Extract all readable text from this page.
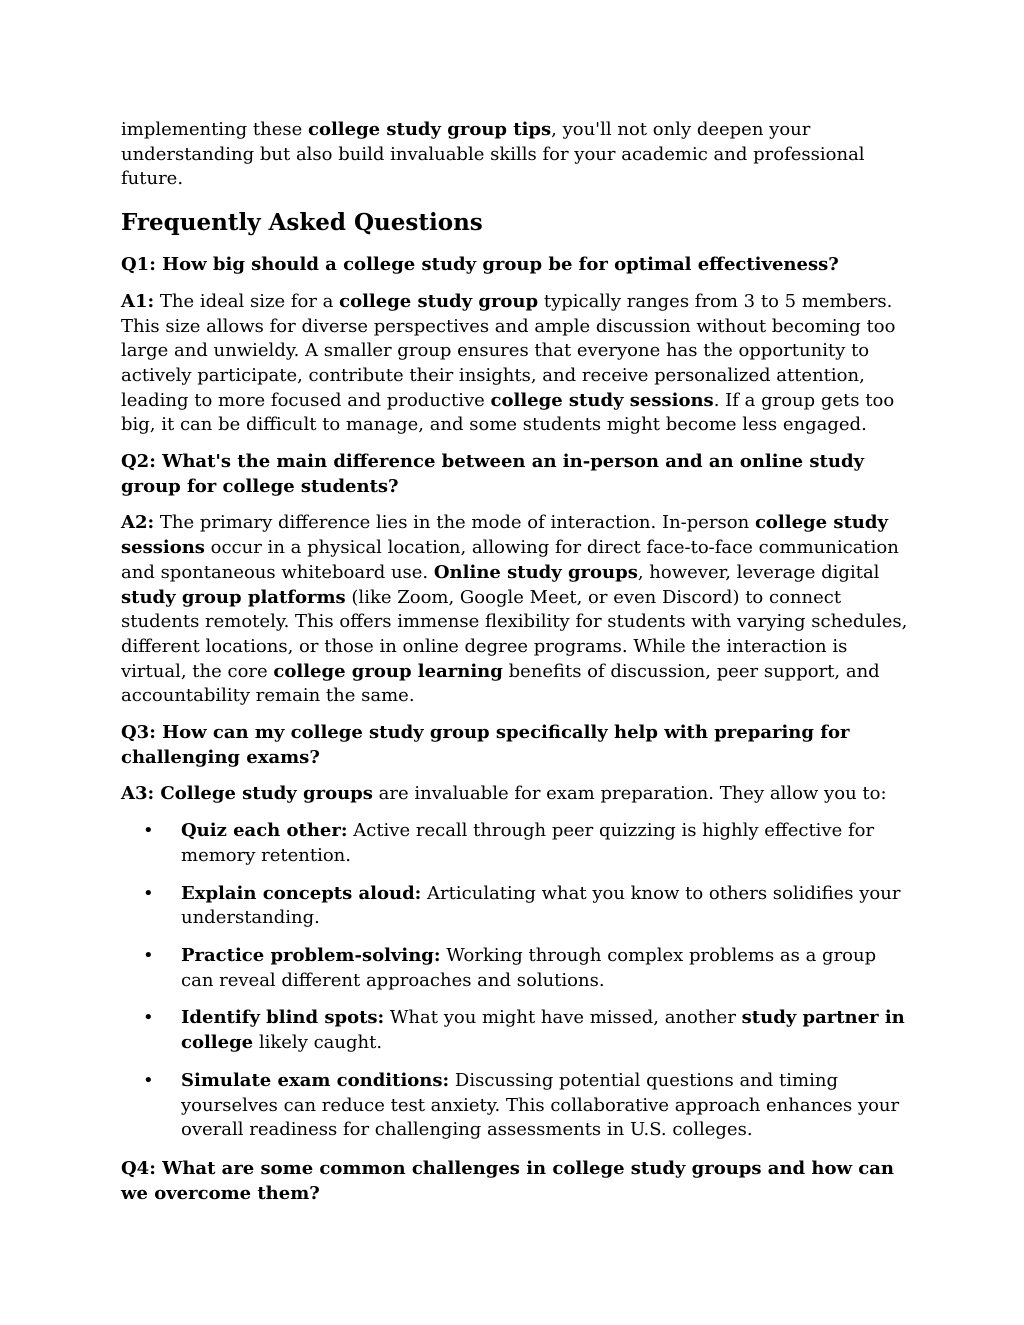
implementing these college study group tips, you'll not only deepen your understanding but also build invaluable skills for your academic and professional future.

Frequently Asked Questions
Q1: How big should a college study group be for optimal effectiveness?

A1: The ideal size for a college study group typically ranges from 3 to 5 members. This size allows for diverse perspectives and ample discussion without becoming too large and unwieldy. A smaller group ensures that everyone has the opportunity to actively participate, contribute their insights, and receive personalized attention, leading to more focused and productive college study sessions. If a group gets too big, it can be difficult to manage, and some students might become less engaged.

Q2: What's the main difference between an in-person and an online study group for college students?

A2: The primary difference lies in the mode of interaction. In-person college study sessions occur in a physical location, allowing for direct face-to-face communication and spontaneous whiteboard use. Online study groups, however, leverage digital study group platforms (like Zoom, Google Meet, or even Discord) to connect students remotely. This offers immense flexibility for students with varying schedules, different locations, or those in online degree programs. While the interaction is virtual, the core college group learning benefits of discussion, peer support, and accountability remain the same.

Q3: How can my college study group specifically help with preparing for challenging exams?

A3: College study groups are invaluable for exam preparation. They allow you to:

• Quiz each other: Active recall through peer quizzing is highly effective for memory retention.
• Explain concepts aloud: Articulating what you know to others solidifies your understanding.
• Practice problem-solving: Working through complex problems as a group can reveal different approaches and solutions.
• Identify blind spots: What you might have missed, another study partner in college likely caught.
• Simulate exam conditions: Discussing potential questions and timing yourselves can reduce test anxiety. This collaborative approach enhances your overall readiness for challenging assessments in U.S. colleges.
Q4: What are some common challenges in college study groups and how can we overcome them?
